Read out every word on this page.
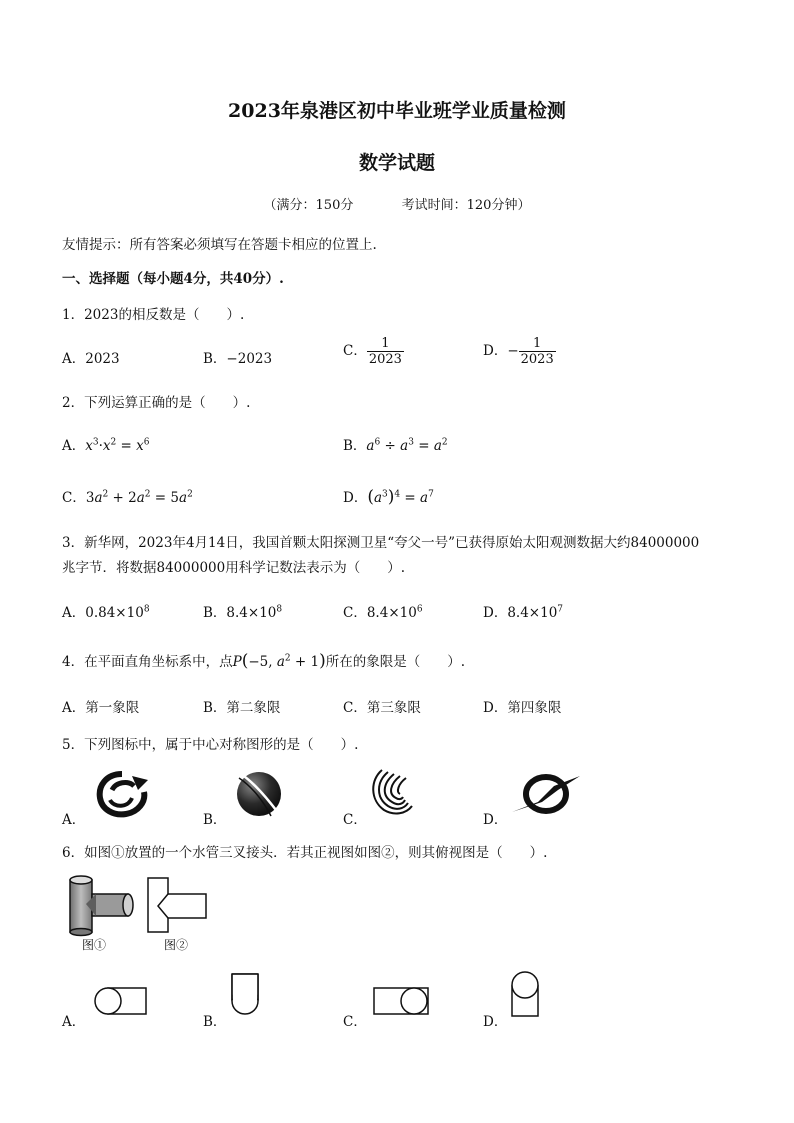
2023年泉港区初中毕业班学业质量检测
数学试题
（满分：150分	考试时间：120分钟）
友情提示：所有答案必须填写在答题卡相应的位置上.
一、选择题（每小题4分，共40分）.
1．2023的相反数是（　　）.
A．2023	B．−2023	C． $\frac{1}{2023}$	D．− $\frac{1}{2023}$
2．下列运算正确的是（　　）.
A．$x^3\cdot x^2 = x^6$	B．$a^6 \div a^3 = a^2$
C．$3a^2 + 2a^2 = 5a^2$	D．$(a^3)^4 = a^7$
3．新华网，2023年4月14日，我国首颗太阳探测卫星“夸父一号”已获得原始太阳观测数据大约84000000
兆字节．将数据84000000用科学记数法表示为（　　）.
A．$0.84\times 10^8$	B．$8.4\times 10^8$	C．$8.4\times 10^6$	D．$8.4\times 10^7$
4．在平面直角坐标系中，点P(−5, $a^2 + 1$)所在的象限是（　　）.
A．第一象限	B．第二象限	C．第三象限	D．第四象限
5．下列图标中，属于中心对称图形的是（　　）.
A．	B．	C．	D．
6．如图①放置的一个水管三叉接头．若其正视图如图②，则其俯视图是（　　）.
图①	图②
A．	B．	C．	D．
